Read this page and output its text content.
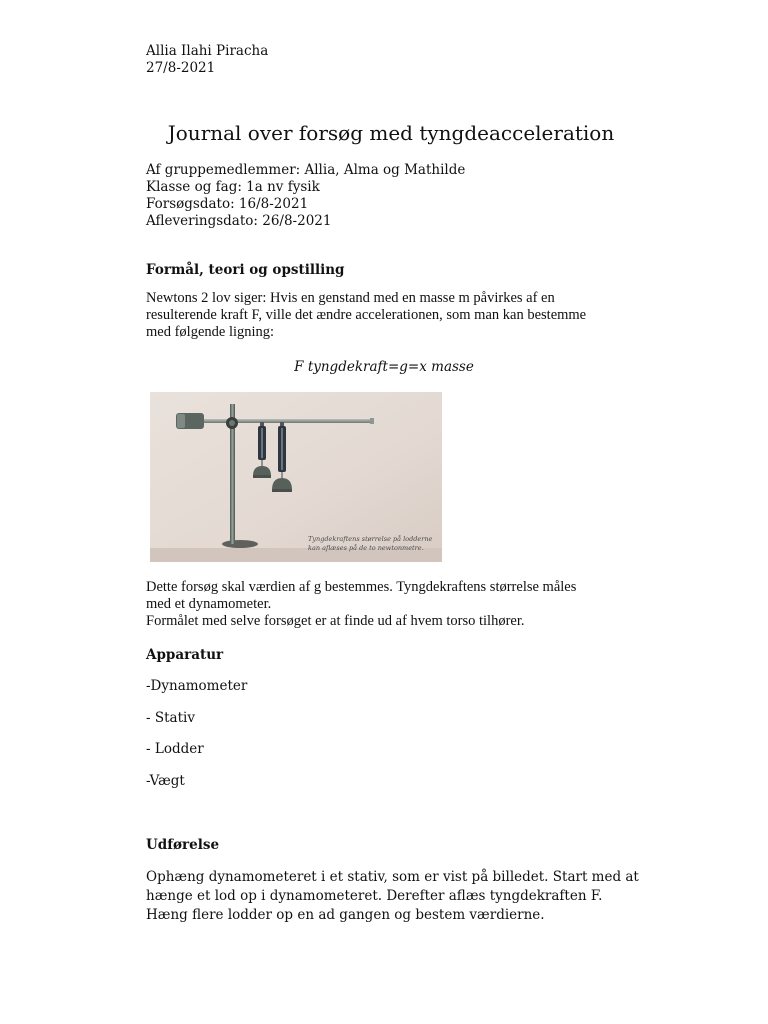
Allia Ilahi Piracha
27/8-2021
Journal over forsøg med tyngdeacceleration
Af gruppemedlemmer: Allia, Alma og Mathilde
Klasse og fag: 1a nv fysik
Forsøgsdato: 16/8-2021
Afleveringsdato: 26/8-2021
Formål, teori og opstilling
Newtons 2 lov siger: Hvis en genstand med en masse m påvirkes af en
resulterende kraft F, ville det ændre accelerationen, som man kan bestemme
med følgende ligning:
F tyngdekraft=g=x masse
Tyngdekraftens størrelse på lodderne
kan aflæses på de to newtonmetre.
Dette forsøg skal værdien af g bestemmes. Tyngdekraftens størrelse måles
med et dynamometer.
Formålet med selve forsøget er at finde ud af hvem torso tilhører.
Apparatur
-Dynamometer
- Stativ
- Lodder
-Vægt
Udførelse
Ophæng dynamometeret i et stativ, som er vist på billedet. Start med at
hænge et lod op i dynamometeret. Derefter aflæs tyngdekraften F.
Hæng flere lodder op en ad gangen og bestem værdierne.
